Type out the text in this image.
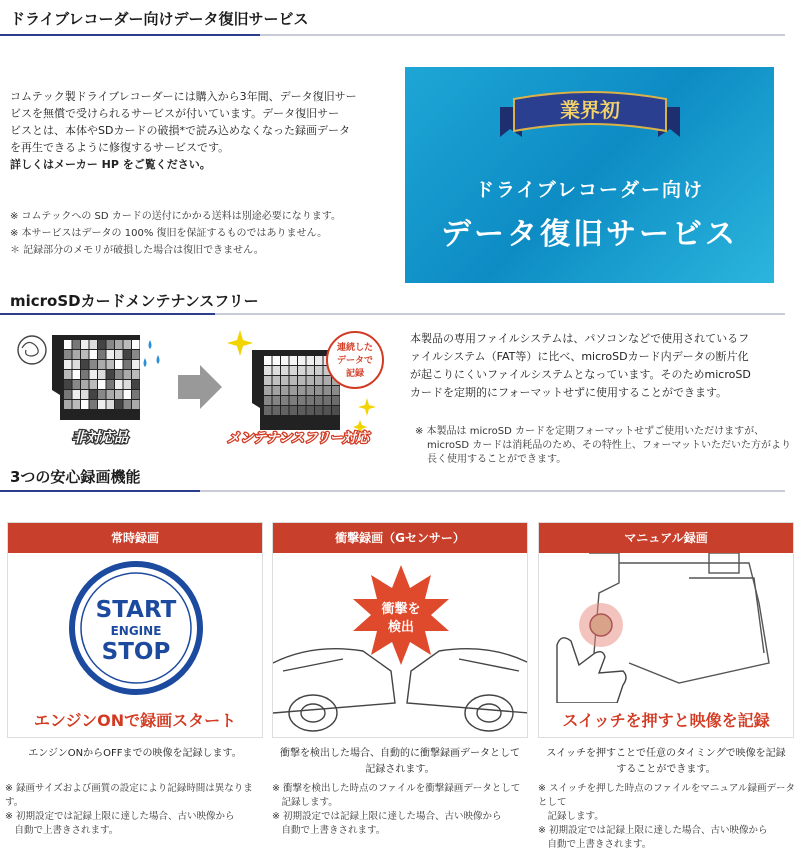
ドライブレコーダー向けデータ復旧サービス
コムテック製ドライブレコーダーには購入から3年間、データ復旧サー
ビスを無償で受けられるサービスが付いています。データ復旧サー
ビスとは、本体やSDカードの破損*で読み込めなくなった録画データ
を再生できるように修復するサービスです。
詳しくはメーカー HP をご覧ください。
※ コムテックへの SD カードの送付にかかる送料は別途必要になります。
※ 本サービスはデータの 100% 復旧を保証するものではありません。
＊ 記録部分のメモリが破損した場合は復旧できません。
業界初
ドライブレコーダー向け
データ復旧サービス
microSDカードメンテナンスフリー
連続した
データで
記録
非対応品	メンテナンスフリー対応
本製品の専用ファイルシステムは、パソコンなどで使用されているフ
ァイルシステム（FAT等）に比べ、microSDカード内データの断片化
が起こりにくいファイルシステムとなっています。そのためmicroSD
カードを定期的にフォーマットせずに使用することができます。
※ 本製品は microSD カードを定期フォーマットせずご使用いただけますが、
microSD カードは消耗品のため、その特性上、フォーマットいただいた方がより
長く使用することができます。
3つの安心録画機能
常時録画
START
ENGINE
STOP
エンジンONで録画スタート
衝撃録画（Gセンサー）
衝撃を
検出
マニュアル録画
スイッチを押すと映像を記録
エンジンONからOFFまでの映像を記録します。	衝撃を検出した場合、自動的に衝撃録画データとして
記録されます。
スイッチを押すことで任意のタイミングで映像を記録
することができます。
※ 録画サイズおよび画質の設定により記録時間は異なります。
※ 初期設定では記録上限に達した場合、古い映像から
　自動で上書きされます。
※ 衝撃を検出した時点のファイルを衝撃録画データとして
　記録します。
※ 初期設定では記録上限に達した場合、古い映像から
　自動で上書きされます。
※ スイッチを押した時点のファイルをマニュアル録画データとして
　記録します。
※ 初期設定では記録上限に達した場合、古い映像から
　自動で上書きされます。
